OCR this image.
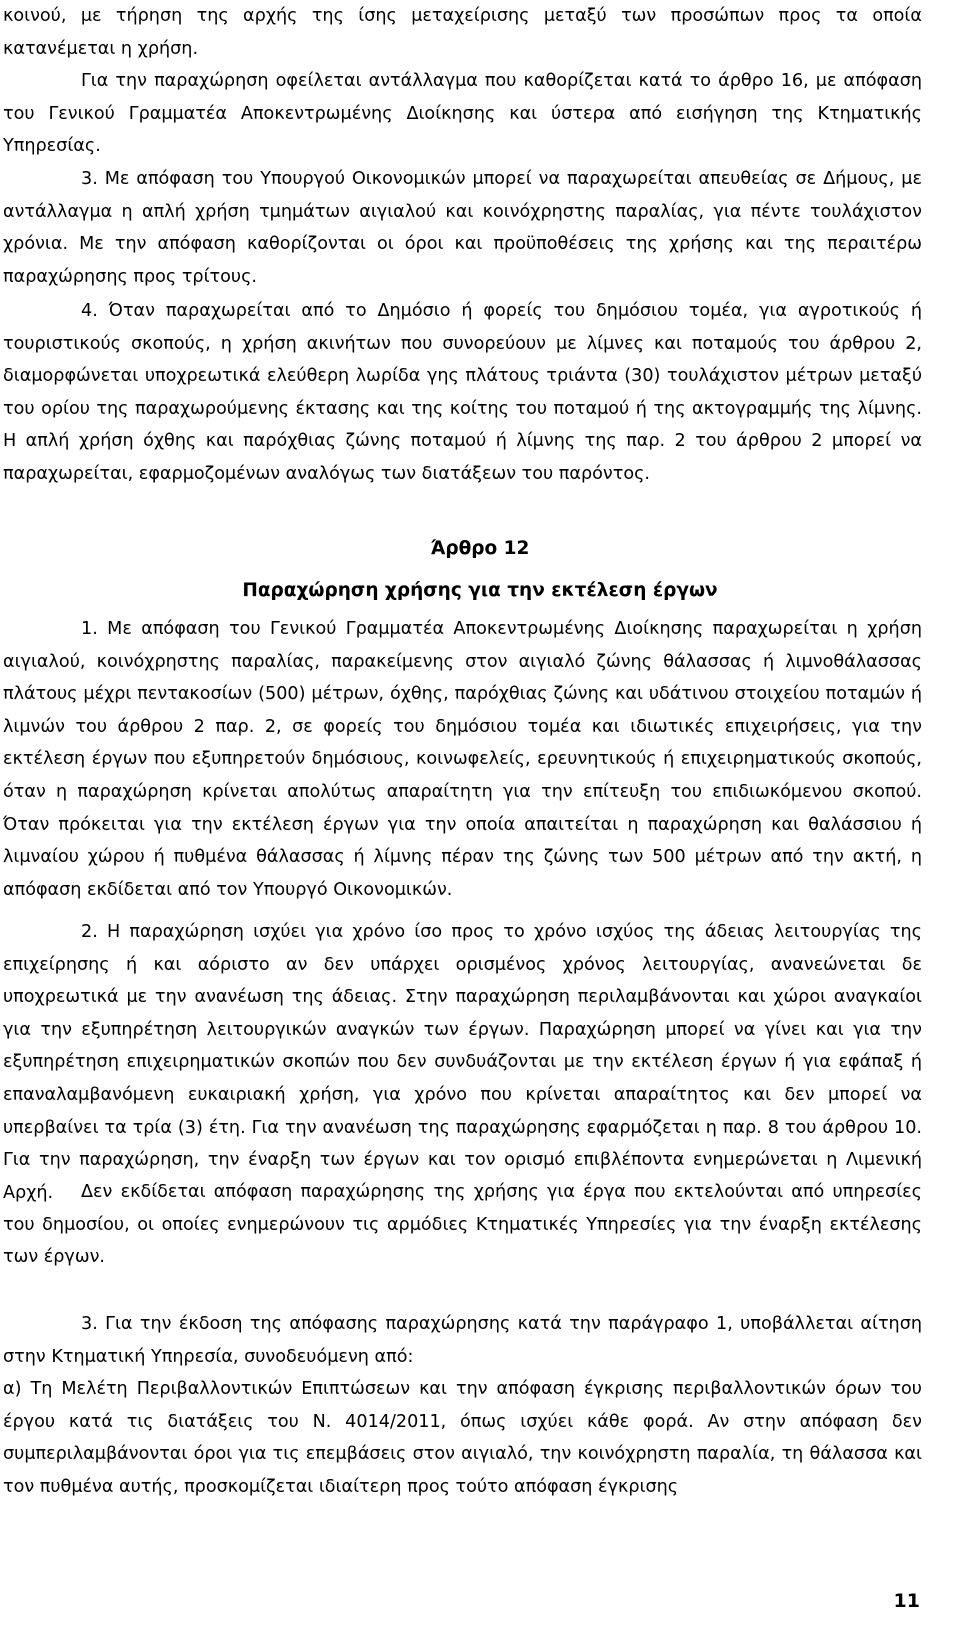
κοινού, με τήρηση της αρχής της ίσης μεταχείρισης μεταξύ των προσώπων προς τα οποία κατανέμεται η χρήση.

Για την παραχώρηση οφείλεται αντάλλαγμα που καθορίζεται κατά το άρθρο 16, με απόφαση του Γενικού Γραμματέα Αποκεντρωμένης Διοίκησης και ύστερα από εισήγηση της Κτηματικής Υπηρεσίας.

3. Με απόφαση του Υπουργού Οικονομικών μπορεί να παραχωρείται απευθείας σε Δήμους, με αντάλλαγμα η απλή χρήση τμημάτων αιγιαλού και κοινόχρηστης παραλίας, για πέντε τουλάχιστον χρόνια. Με την απόφαση καθορίζονται οι όροι και προϋποθέσεις της χρήσης και της περαιτέρω παραχώρησης προς τρίτους.

4. Όταν παραχωρείται από το Δημόσιο ή φορείς του δημόσιου τομέα, για αγροτικούς ή τουριστικούς σκοπούς, η χρήση ακινήτων που συνορεύουν με λίμνες και ποταμούς του άρθρου 2, διαμορφώνεται υποχρεωτικά ελεύθερη λωρίδα γης πλάτους τριάντα (30) τουλάχιστον μέτρων μεταξύ του ορίου της παραχωρούμενης έκτασης και της κοίτης του ποταμού ή της ακτογραμμής της λίμνης. Η απλή χρήση όχθης και παρόχθιας ζώνης ποταμού ή λίμνης της παρ. 2 του άρθρου 2 μπορεί να παραχωρείται, εφαρμοζομένων αναλόγως των διατάξεων του παρόντος.

Άρθρο 12
Παραχώρηση χρήσης για την εκτέλεση έργων

1. Με απόφαση του Γενικού Γραμματέα Αποκεντρωμένης Διοίκησης παραχωρείται η χρήση αιγιαλού, κοινόχρηστης παραλίας, παρακείμενης στον αιγιαλό ζώνης θάλασσας ή λιμνοθάλασσας πλάτους μέχρι πεντακοσίων (500) μέτρων, όχθης, παρόχθιας ζώνης και υδάτινου στοιχείου ποταμών ή λιμνών του άρθρου 2 παρ. 2, σε φορείς του δημόσιου τομέα και ιδιωτικές επιχειρήσεις, για την εκτέλεση έργων που εξυπηρετούν δημόσιους, κοινωφελείς, ερευνητικούς ή επιχειρηματικούς σκοπούς, όταν η παραχώρηση κρίνεται απολύτως απαραίτητη για την επίτευξη του επιδιωκόμενου σκοπού. Όταν πρόκειται για την εκτέλεση έργων για την οποία απαιτείται η παραχώρηση και θαλάσσιου ή λιμναίου χώρου ή πυθμένα θάλασσας ή λίμνης πέραν της ζώνης των 500 μέτρων από την ακτή, η απόφαση εκδίδεται από τον Υπουργό Οικονομικών.

2. Η παραχώρηση ισχύει για χρόνο ίσο προς το χρόνο ισχύος της άδειας λειτουργίας της επιχείρησης ή και αόριστο αν δεν υπάρχει ορισμένος χρόνος λειτουργίας, ανανεώνεται δε υποχρεωτικά με την ανανέωση της άδειας. Στην παραχώρηση περιλαμβάνονται και χώροι αναγκαίοι για την εξυπηρέτηση λειτουργικών αναγκών των έργων. Παραχώρηση μπορεί να γίνει και για την εξυπηρέτηση επιχειρηματικών σκοπών που δεν συνδυάζονται με την εκτέλεση έργων ή για εφάπαξ ή επαναλαμβανόμενη ευκαιριακή χρήση, για χρόνο που κρίνεται απαραίτητος και δεν μπορεί να υπερβαίνει τα τρία (3) έτη. Για την ανανέωση της παραχώρησης εφαρμόζεται η παρ. 8 του άρθρου 10. Για την παραχώρηση, την έναρξη των έργων και τον ορισμό επιβλέποντα ενημερώνεται η Λιμενική Αρχή.	Δεν εκδίδεται απόφαση παραχώρησης της χρήσης για έργα που εκτελούνται από υπηρεσίες του δημοσίου, οι οποίες ενημερώνουν τις αρμόδιες Κτηματικές Υπηρεσίες για την έναρξη εκτέλεσης των έργων.

3. Για την έκδοση της απόφασης παραχώρησης κατά την παράγραφο 1, υποβάλλεται αίτηση στην Κτηματική Υπηρεσία, συνοδευόμενη από:

α) Τη Μελέτη Περιβαλλοντικών Επιπτώσεων και την απόφαση έγκρισης περιβαλλοντικών όρων του έργου κατά τις διατάξεις του Ν. 4014/2011, όπως ισχύει κάθε φορά. Αν στην απόφαση δεν συμπεριλαμβάνονται όροι για τις επεμβάσεις στον αιγιαλό, την κοινόχρηστη παραλία, τη θάλασσα και τον πυθμένα αυτής, προσκομίζεται ιδιαίτερη προς τούτο απόφαση έγκρισης

11
